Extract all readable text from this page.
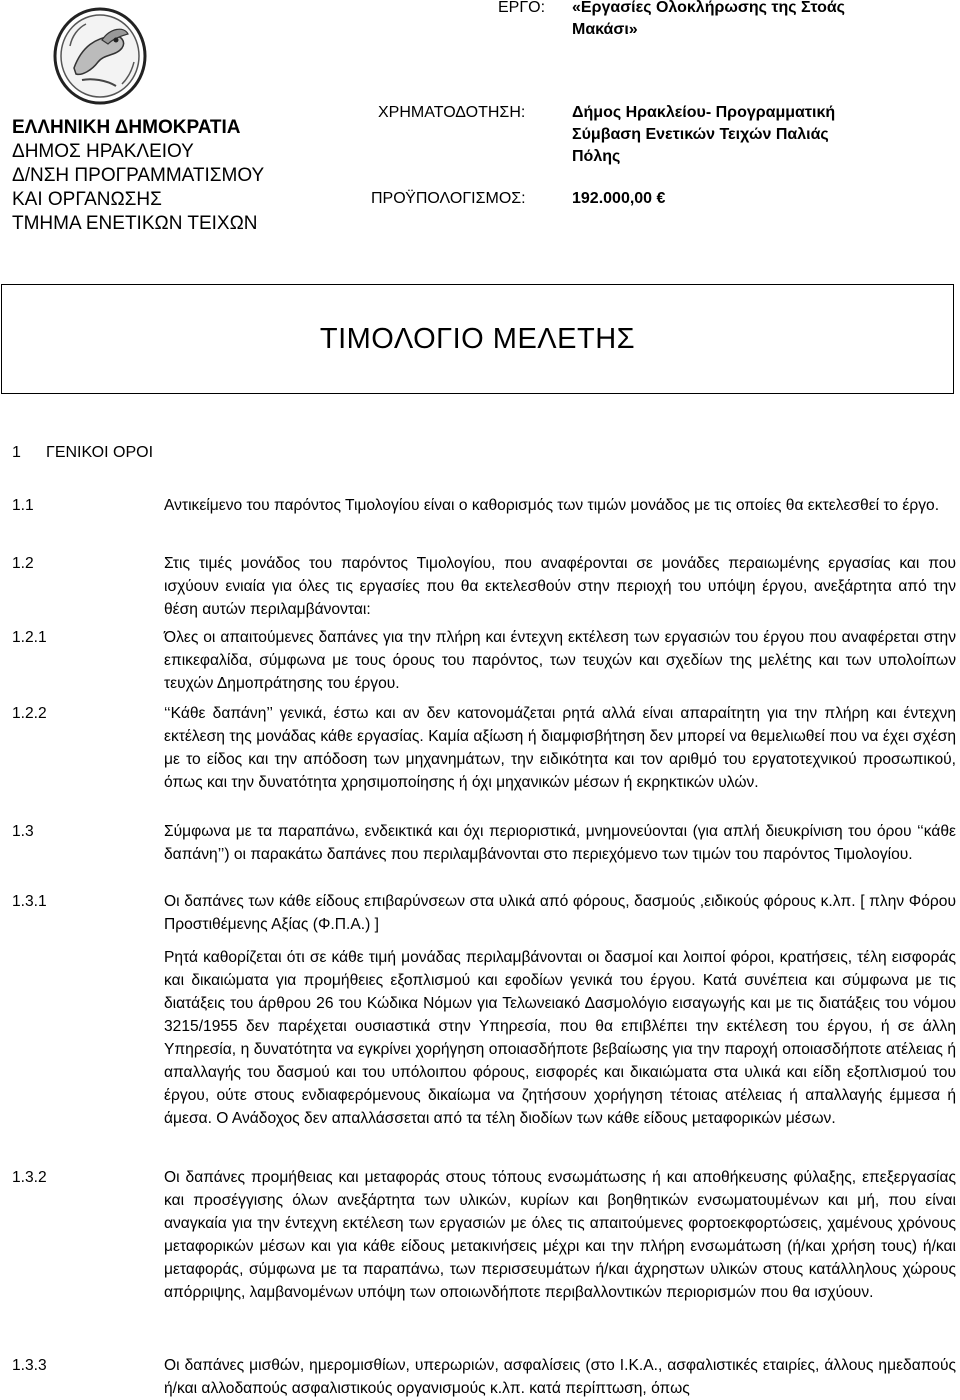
ΕΛΛΗΝΙΚΗ ΔΗΜΟΚΡΑΤΙΑ
ΔΗΜΟΣ ΗΡΑΚΛΕΙΟΥ
Δ/ΝΣΗ ΠΡΟΓΡΑΜΜΑΤΙΣΜΟΥ
ΚΑΙ ΟΡΓΑΝΩΣΗΣ
ΤΜΗΜΑ ΕΝΕΤΙΚΩΝ ΤΕΙΧΩΝ
ΕΡΓΟ: «Εργασίες Ολοκλήρωσης της Στοάς
Μακάσι»
ΧΡΗΜΑΤΟΔΟΤΗΣΗ:	Δήμος Ηρακλείου- Προγραμματική
Σύμβαση Ενετικών Τειχών Παλιάς
Πόλης
ΠΡΟΫΠΟΛΟΓΙΣΜΟΣ:	192.000,00 €
ΤΙΜΟΛΟΓΙΟ ΜΕΛΕΤΗΣ
1 ΓΕΝΙΚΟΙ ΟΡΟΙ
1.1	Αντικείμενο του παρόντος Τιμολογίου είναι ο καθορισμός των τιμών μονάδος με τις οποίες θα εκτελεσθεί το έργο.
1.2	Στις τιμές μονάδος του παρόντος Τιμολογίου, που αναφέρονται σε μονάδες περαιωμένης εργασίας και που ισχύουν ενιαία για όλες τις εργασίες που θα εκτελεσθούν στην περιοχή του υπόψη έργου, ανεξάρτητα από την θέση αυτών περιλαμβάνονται:
1.2.1	Όλες οι απαιτούμενες δαπάνες για την πλήρη και έντεχνη εκτέλεση των εργασιών του έργου που αναφέρεται στην επικεφαλίδα, σύμφωνα με τους όρους του παρόντος, των τευχών και σχεδίων της μελέτης και των υπολοίπων τευχών Δημοπράτησης του έργου.
1.2.2	‘‘Κάθε δαπάνη’’ γενικά, έστω και αν δεν κατονομάζεται ρητά αλλά είναι απαραίτητη για την πλήρη και έντεχνη εκτέλεση της μονάδας κάθε εργασίας. Καμία αξίωση ή διαμφισβήτηση δεν μπορεί να θεμελιωθεί που να έχει σχέση με το είδος και την απόδοση των μηχανημάτων, την ειδικότητα και τον αριθμό του εργατοτεχνικού προσωπικού, όπως και την δυνατότητα χρησιμοποίησης ή όχι μηχανικών μέσων ή εκρηκτικών υλών.
1.3	Σύμφωνα με τα παραπάνω, ενδεικτικά και όχι περιοριστικά, μνημονεύονται (για απλή διευκρίνιση του όρου ‘‘κάθε δαπάνη’’) οι παρακάτω δαπάνες που περιλαμβάνονται στο περιεχόμενο των τιμών του παρόντος Τιμολογίου.
1.3.1	Οι δαπάνες των κάθε είδους επιβαρύνσεων στα υλικά από φόρους, δασμούς ,ειδικούς φόρους κ.λπ. [ πλην Φόρου Προστιθέμενης Αξίας (Φ.Π.Α.) ]
Ρητά καθορίζεται ότι σε κάθε τιμή μονάδας περιλαμβάνονται οι δασμοί και λοιποί φόροι, κρατήσεις, τέλη εισφοράς και δικαιώματα για προμήθειες εξοπλισμού και εφοδίων γενικά του έργου. Κατά συνέπεια και σύμφωνα με τις διατάξεις του άρθρου 26 του Κώδικα Νόμων για Τελωνειακό Δασμολόγιο εισαγωγής και με τις διατάξεις του νόμου 3215/1955 δεν παρέχεται ουσιαστικά στην Υπηρεσία, που θα επιβλέπει την εκτέλεση του έργου, ή σε άλλη Υπηρεσία, η δυνατότητα να εγκρίνει χορήγηση οποιασδήποτε βεβαίωσης για την παροχή οποιασδήποτε ατέλειας ή απαλλαγής του δασμού και του υπόλοιπου φόρους, εισφορές και δικαιώματα στα υλικά και είδη εξοπλισμού του έργου, ούτε στους ενδιαφερόμενους δικαίωμα να ζητήσουν χορήγηση τέτοιας ατέλειας ή απαλλαγής έμμεσα ή άμεσα. Ο Ανάδοχος δεν απαλλάσσεται από τα τέλη διοδίων των κάθε είδους μεταφορικών μέσων.
1.3.2	Οι δαπάνες προμήθειας και μεταφοράς στους τόπους ενσωμάτωσης ή και αποθήκευσης φύλαξης, επεξεργασίας και προσέγγισης όλων ανεξάρτητα των υλικών, κυρίων και βοηθητικών ενσωματουμένων και μή, που είναι αναγκαία για την έντεχνη εκτέλεση των εργασιών με όλες τις απαιτούμενες φορτοεκφορτώσεις, χαμένους χρόνους μεταφορικών μέσων και για κάθε είδους μετακινήσεις μέχρι και την πλήρη ενσωμάτωση (ή/και χρήση τους) ή/και μεταφοράς, σύμφωνα με τα παραπάνω, των περισσευμάτων ή/και άχρηστων υλικών στους κατάλληλους χώρους απόρριψης, λαμβανομένων υπόψη των οποιωνδήποτε περιβαλλοντικών περιορισμών που θα ισχύουν.
1.3.3	Οι δαπάνες μισθών, ημερομισθίων, υπερωριών, ασφαλίσεις (στο Ι.Κ.Α., ασφαλιστικές εταιρίες, άλλους ημεδαπούς ή/και αλλοδαπούς ασφαλιστικούς οργανισμούς κ.λπ. κατά περίπτωση, όπως
